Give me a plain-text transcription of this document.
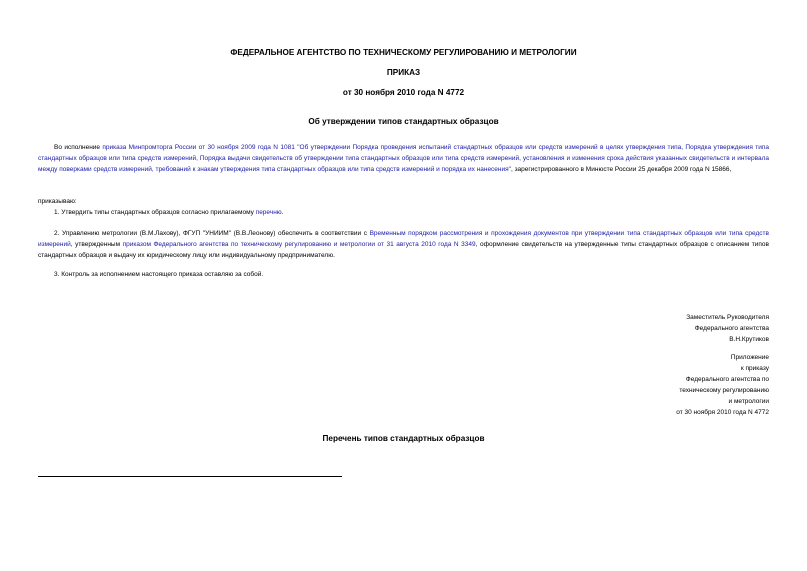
ФЕДЕРАЛЬНОЕ АГЕНТСТВО ПО ТЕХНИЧЕСКОМУ РЕГУЛИРОВАНИЮ И МЕТРОЛОГИИ
ПРИКАЗ
от 30 ноября 2010 года N 4772
Об утверждении типов стандартных образцов
Во исполнение приказа Минпромторга России от 30 ноября 2009 года N 1081 "Об утверждении Порядка проведения испытаний стандартных образцов или средств измерений в целях утверждения типа, Порядка утверждения типа стандартных образцов или типа средств измерений, Порядка выдачи свидетельств об утверждении типа стандартных образцов или типа средств измерений, установления и изменения срока действия указанных свидетельств и интервала между поверками средств измерений, требований к знакам утверждения типа стандартных образцов или типа средств измерений и порядка их нанесения", зарегистрированного в Минюсте России 25 декабря 2009 года N 15866,
приказываю:
1. Утвердить типы стандартных образцов согласно прилагаемому перечню.
2. Управлению метрологии (В.М.Лахову), ФГУП "УНИИМ" (В.В.Леонову) обеспечить в соответствии с Временным порядком рассмотрения и прохождения документов при утверждении типа стандартных образцов или типа средств измерений, утвержденным приказом Федерального агентства по техническому регулированию и метрологии от 31 августа 2010 года N 3349, оформление свидетельств на утвержденные типы стандартных образцов с описанием типов стандартных образцов и выдачу их юридическому лицу или индивидуальному предпринимателю.
3. Контроль за исполнением настоящего приказа оставляю за собой.
Заместитель Руководителя
Федерального агентства
В.Н.Крутиков
Приложение
к приказу
Федерального агентства по
техническому регулированию
и метрологии
от 30 ноября 2010 года N 4772
Перечень типов стандартных образцов
